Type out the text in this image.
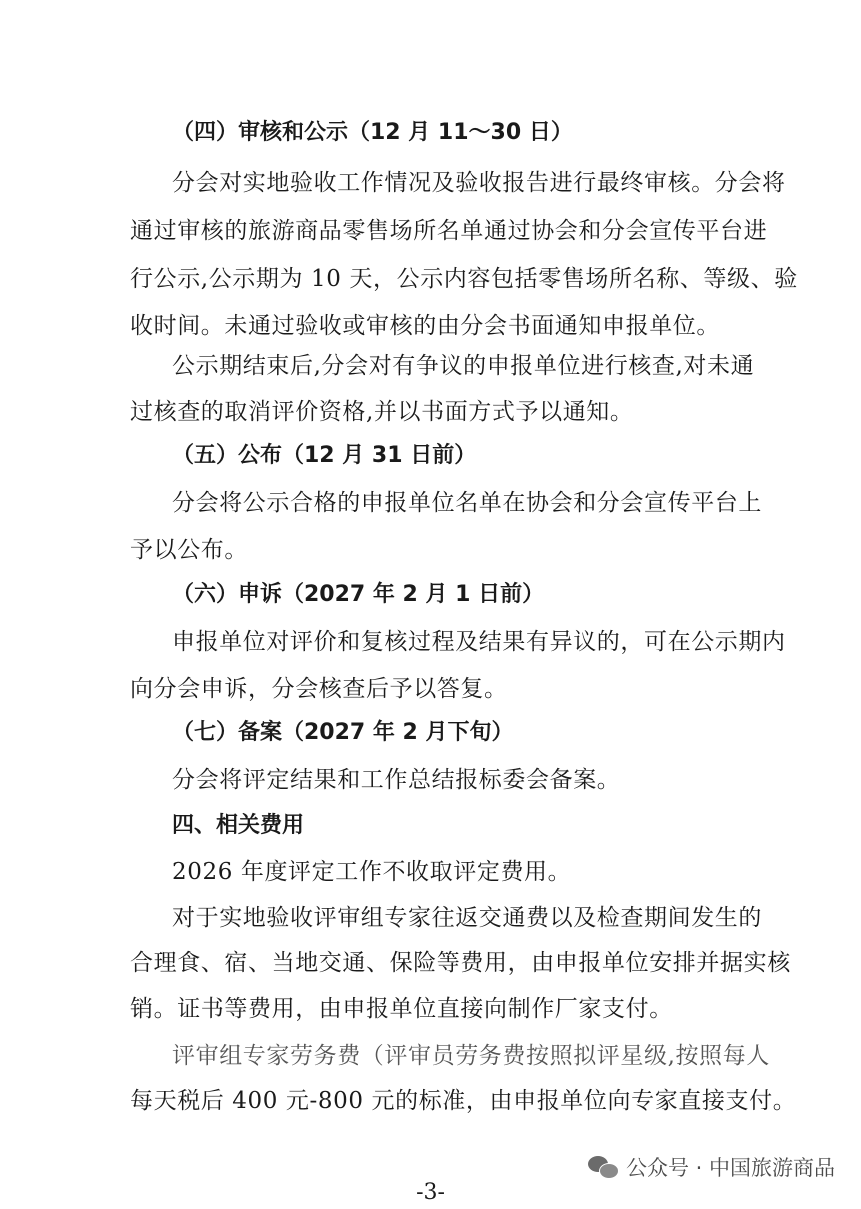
（四）审核和公示（12 月 11～30 日）
分会对实地验收工作情况及验收报告进行最终审核。分会将
通过审核的旅游商品零售场所名单通过协会和分会宣传平台进
行公示,公示期为 10 天，公示内容包括零售场所名称、等级、验
收时间。未通过验收或审核的由分会书面通知申报单位。
公示期结束后,分会对有争议的申报单位进行核查,对未通
过核查的取消评价资格,并以书面方式予以通知。
（五）公布（12 月 31 日前）
分会将公示合格的申报单位名单在协会和分会宣传平台上
予以公布。
（六）申诉（2027 年 2 月 1 日前）
申报单位对评价和复核过程及结果有异议的，可在公示期内
向分会申诉，分会核查后予以答复。
（七）备案（2027 年 2 月下旬）
分会将评定结果和工作总结报标委会备案。
四、相关费用
2026 年度评定工作不收取评定费用。
对于实地验收评审组专家往返交通费以及检查期间发生的
合理食、宿、当地交通、保险等费用，由申报单位安排并据实核
销。证书等费用，由申报单位直接向制作厂家支付。
评审组专家劳务费（评审员劳务费按照拟评星级,按照每人
每天税后 400 元-800 元的标准，由申报单位向专家直接支付。
公众号 · 中国旅游商品
-3-
